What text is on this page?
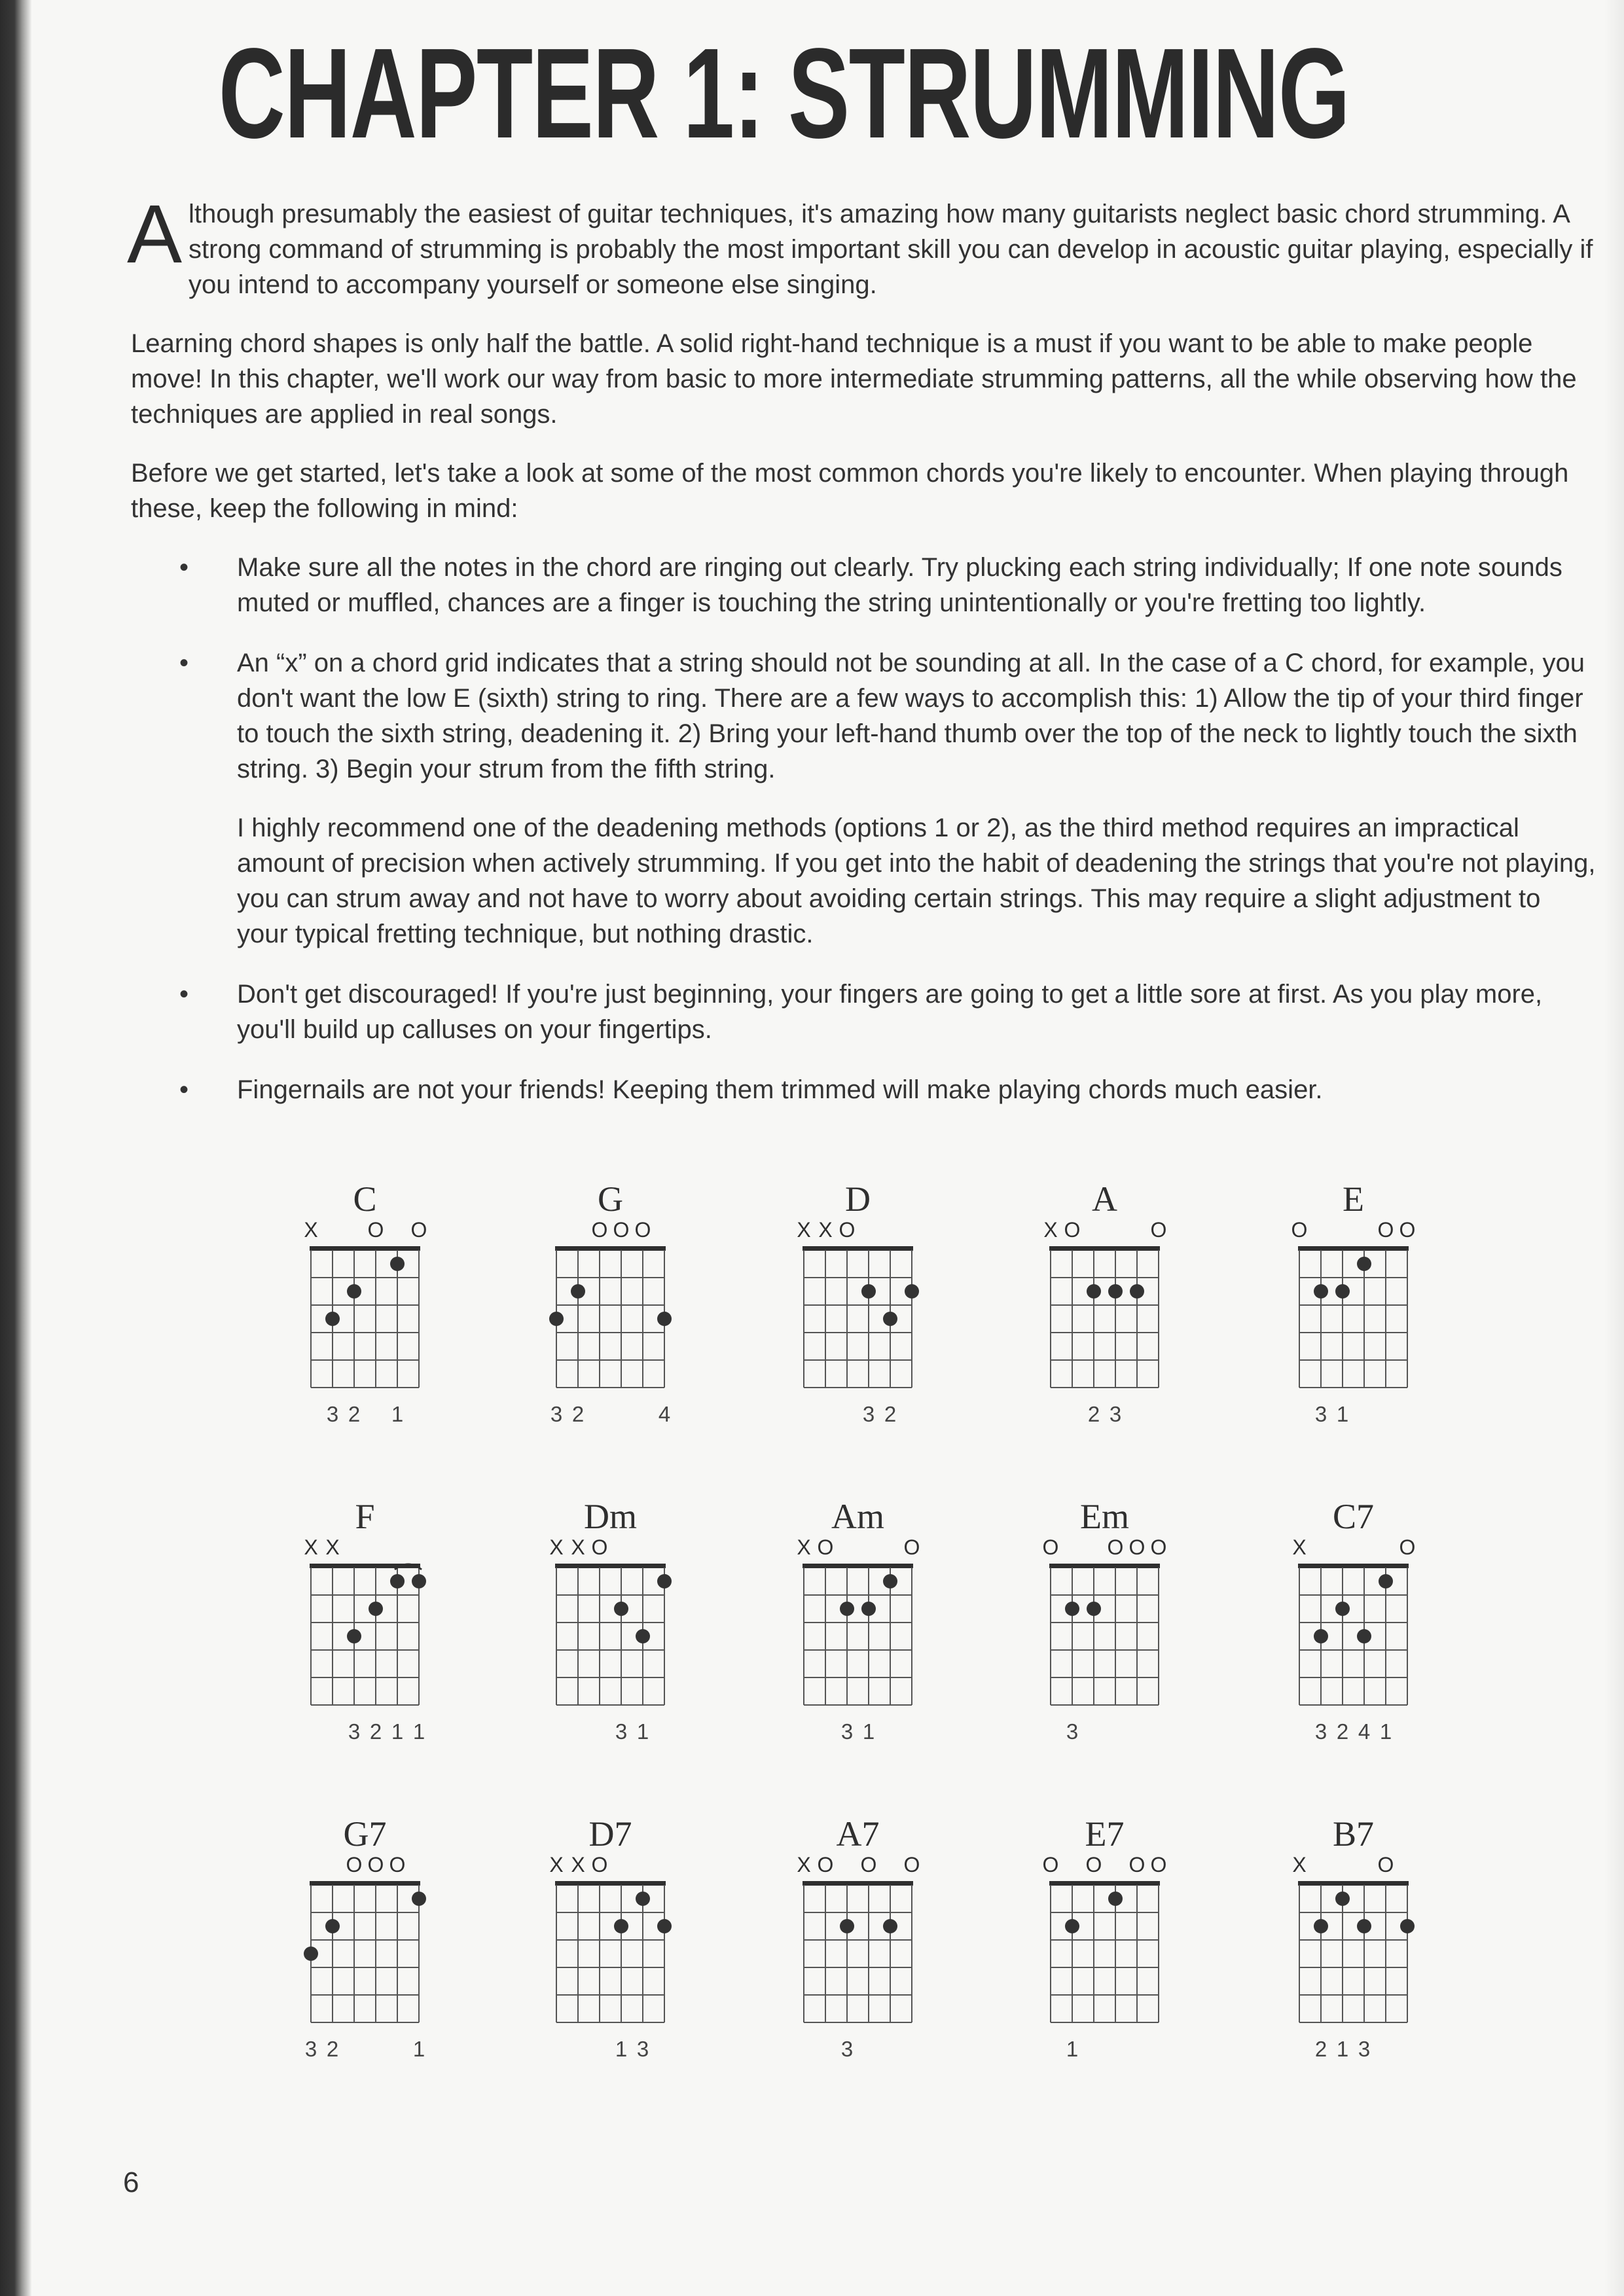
CHAPTER 1: STRUMMING

Although presumably the easiest of guitar techniques, it's amazing how many guitarists neglect basic chord strumming. A strong command of strumming is probably the most important skill you can develop in acoustic guitar playing, especially if you intend to accompany yourself or someone else singing.

Learning chord shapes is only half the battle. A solid right-hand technique is a must if you want to be able to make people move! In this chapter, we'll work our way from basic to more intermediate strumming patterns, all the while observing how the techniques are applied in real songs.

Before we get started, let's take a look at some of the most common chords you're likely to encounter. When playing through these, keep the following in mind:

• Make sure all the notes in the chord are ringing out clearly. Try plucking each string individually; If one note sounds muted or muffled, chances are a finger is touching the string unintentionally or you're fretting too lightly.
• An “x” on a chord grid indicates that a string should not be sounding at all. In the case of a C chord, for example, you don't want the low E (sixth) string to ring. There are a few ways to accomplish this: 1) Allow the tip of your third finger to touch the sixth string, deadening it. 2) Bring your left-hand thumb over the top of the neck to lightly touch the sixth string. 3) Begin your strum from the fifth string.
I highly recommend one of the deadening methods (options 1 or 2), as the third method requires an impractical amount of precision when actively strumming. If you get into the habit of deadening the strings that you're not playing, you can strum away and not have to worry about avoiding certain strings. This may require a slight adjustment to your typical fretting technique, but nothing drastic.
• Don't get discouraged! If you're just beginning, your fingers are going to get a little sore at first. As you play more, you'll build up calluses on your fingertips.
• Fingernails are not your friends! Keeping them trimmed will make playing chords much easier.
C
X O O
3 2 1
G
O O O
3 2	4
D
X X O
3 2
A
X O	O
2 3
E
O	O O
3 1
F
X X
3 2 1 1
Dm
X X O
3 1
Am
X O	O
3 1
Em
O O O O
3
C7
X	O
3 2 4 1
G7
O O O
3 2	1
D7
X X O
1 3
A7
X O O O
3
E7
O O O O
1
B7
X	O
2 1 3
6
